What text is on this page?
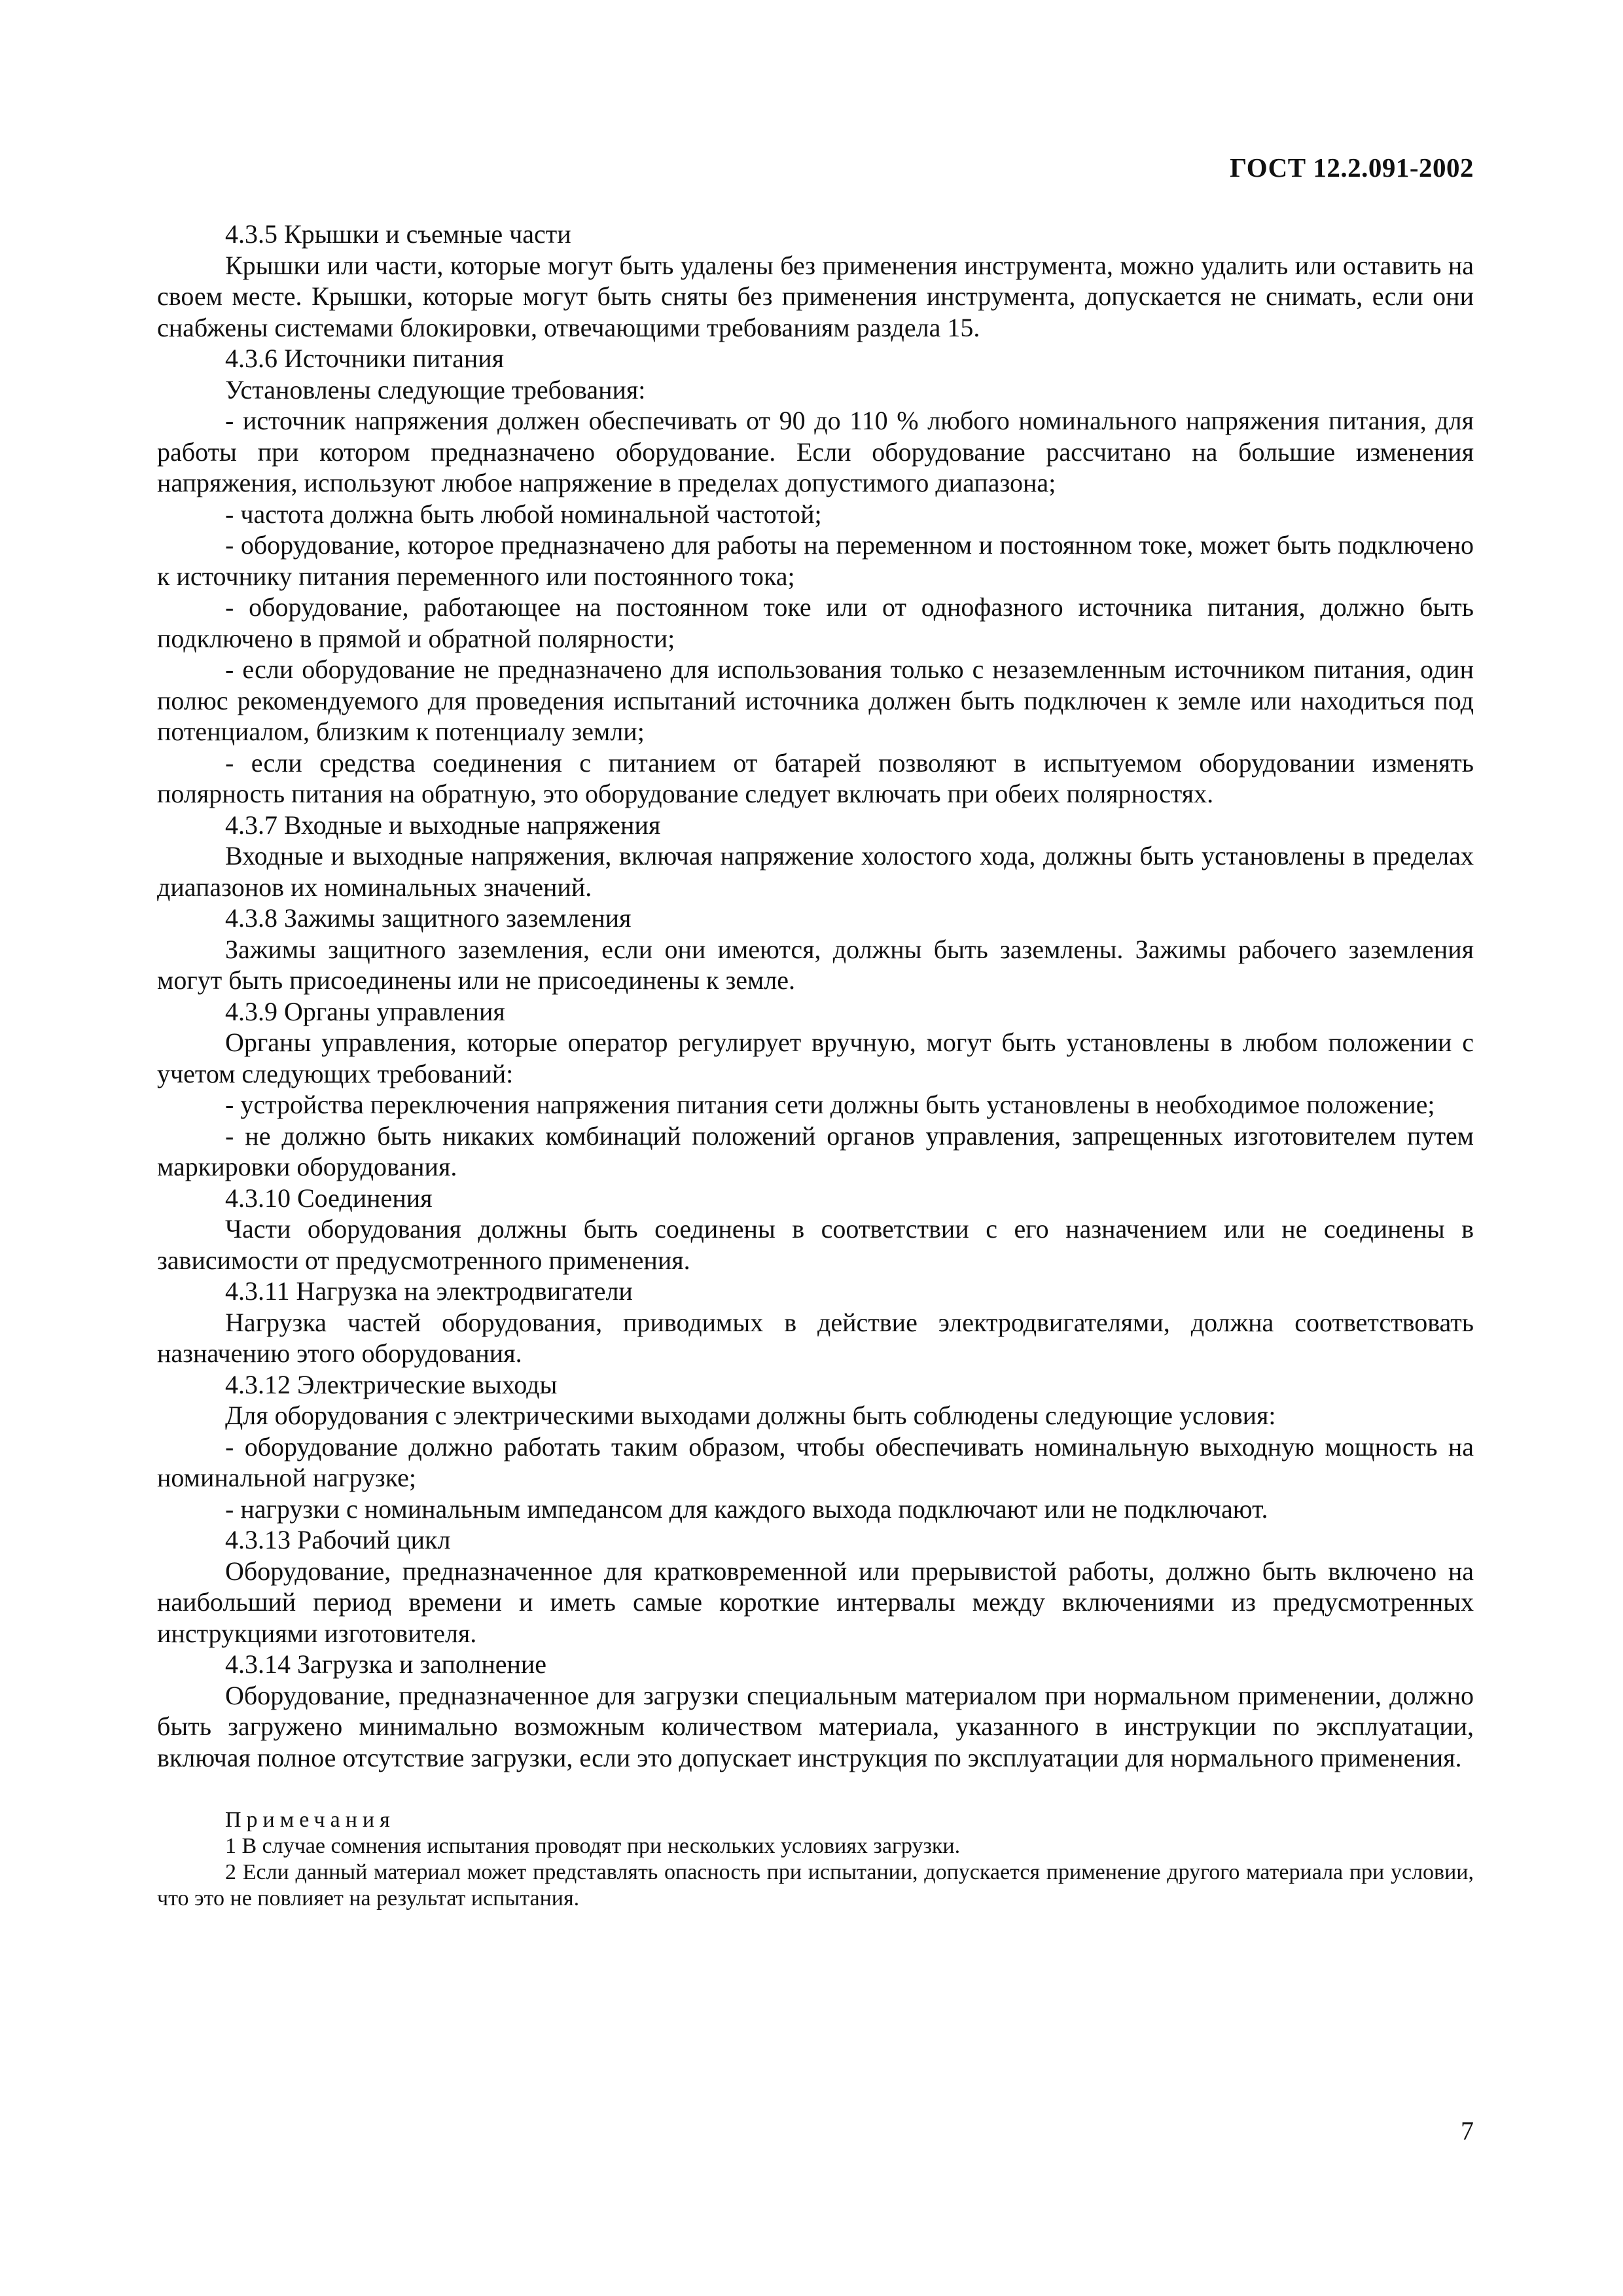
ГОСТ 12.2.091-2002

4.3.5 Крышки и съемные части

Крышки или части, которые могут быть удалены без применения инструмента, можно удалить или оставить на своем месте. Крышки, которые могут быть сняты без применения инструмента, допускается не снимать, если они снабжены системами блокировки, отвечающими требованиям раздела 15.

4.3.6 Источники питания

Установлены следующие требования:

- источник напряжения должен обеспечивать от 90 до 110 % любого номинального напряжения питания, для работы при котором предназначено оборудование. Если оборудование рассчитано на большие изменения напряжения, используют любое напряжение в пределах допустимого диапазона;

- частота должна быть любой номинальной частотой;

- оборудование, которое предназначено для работы на переменном и постоянном токе, может быть подключено к источнику питания переменного или постоянного тока;

- оборудование, работающее на постоянном токе или от однофазного источника питания, должно быть подключено в прямой и обратной полярности;

- если оборудование не предназначено для использования только с незаземленным источником питания, один полюс рекомендуемого для проведения испытаний источника должен быть подключен к земле или находиться под потенциалом, близким к потенциалу земли;

- если средства соединения с питанием от батарей позволяют в испытуемом оборудовании изменять полярность питания на обратную, это оборудование следует включать при обеих полярностях.

4.3.7 Входные и выходные напряжения

Входные и выходные напряжения, включая напряжение холостого хода, должны быть установлены в пределах диапазонов их номинальных значений.

4.3.8 Зажимы защитного заземления

Зажимы защитного заземления, если они имеются, должны быть заземлены. Зажимы рабочего заземления могут быть присоединены или не присоединены к земле.

4.3.9 Органы управления

Органы управления, которые оператор регулирует вручную, могут быть установлены в любом положении с учетом следующих требований:

- устройства переключения напряжения питания сети должны быть установлены в необходимое положение;

- не должно быть никаких комбинаций положений органов управления, запрещенных изготовителем путем маркировки оборудования.

4.3.10 Соединения

Части оборудования должны быть соединены в соответствии с его назначением или не соединены в зависимости от предусмотренного применения.

4.3.11 Нагрузка на электродвигатели

Нагрузка частей оборудования, приводимых в действие электродвигателями, должна соответствовать назначению этого оборудования.

4.3.12 Электрические выходы

Для оборудования с электрическими выходами должны быть соблюдены следующие условия:

- оборудование должно работать таким образом, чтобы обеспечивать номинальную выходную мощность на номинальной нагрузке;

- нагрузки с номинальным импедансом для каждого выхода подключают или не подключают.

4.3.13 Рабочий цикл

Оборудование, предназначенное для кратковременной или прерывистой работы, должно быть включено на наибольший период времени и иметь самые короткие интервалы между включениями из предусмотренных инструкциями изготовителя.

4.3.14 Загрузка и заполнение

Оборудование, предназначенное для загрузки специальным материалом при нормальном применении, должно быть загружено минимально возможным количеством материала, указанного в инструкции по эксплуатации, включая полное отсутствие загрузки, если это допускает инструкция по эксплуатации для нормального применения.

Примечания

1 В случае сомнения испытания проводят при нескольких условиях загрузки.

2 Если данный материал может представлять опасность при испытании, допускается применение другого материала при условии, что это не повлияет на результат испытания.

7
